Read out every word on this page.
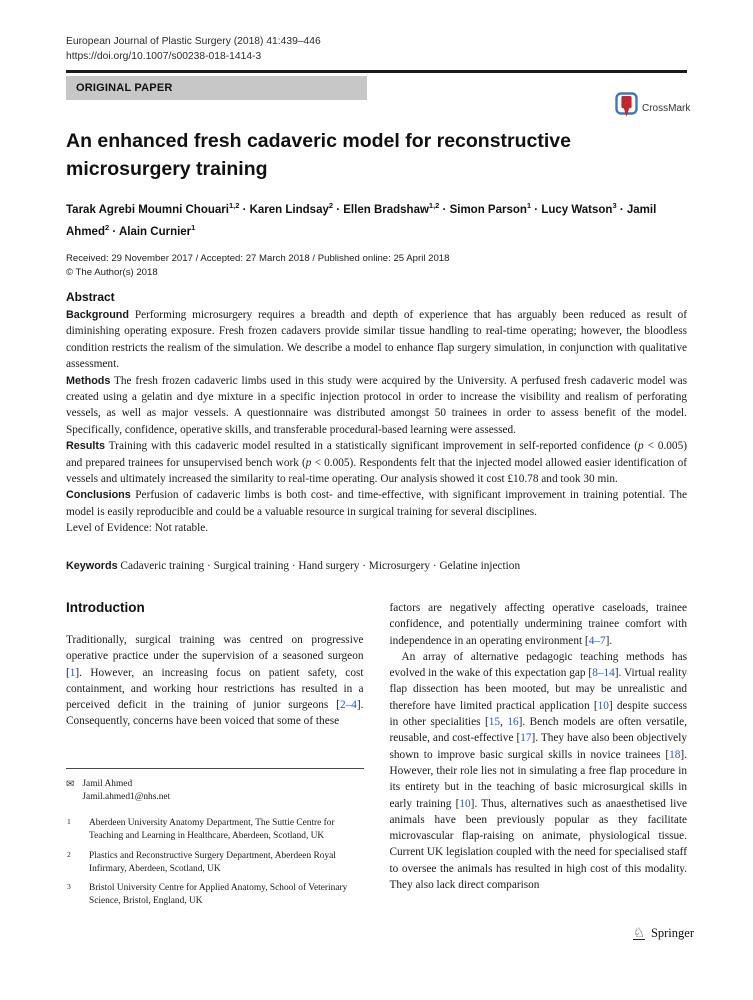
European Journal of Plastic Surgery (2018) 41:439–446
https://doi.org/10.1007/s00238-018-1414-3
ORIGINAL PAPER
CrossMark
An enhanced fresh cadaveric model for reconstructive microsurgery training
Tarak Agrebi Moumni Chouari$^{1,2}$ · Karen Lindsay$^2$ · Ellen Bradshaw$^{1,2}$ · Simon Parson$^1$ · Lucy Watson$^3$ · Jamil Ahmed$^2$ · Alain Curnier$^1$
Received: 29 November 2017 / Accepted: 27 March 2018 / Published online: 25 April 2018
© The Author(s) 2018
Abstract

Background Performing microsurgery requires a breadth and depth of experience that has arguably been reduced as result of diminishing operating exposure. Fresh frozen cadavers provide similar tissue handling to real-time operating; however, the bloodless condition restricts the realism of the simulation. We describe a model to enhance flap surgery simulation, in conjunction with qualitative assessment.

Methods The fresh frozen cadaveric limbs used in this study were acquired by the University. A perfused fresh cadaveric model was created using a gelatin and dye mixture in a specific injection protocol in order to increase the visibility and realism of perforating vessels, as well as major vessels. A questionnaire was distributed amongst 50 trainees in order to assess benefit of the model. Specifically, confidence, operative skills, and transferable procedural-based learning were assessed.

Results Training with this cadaveric model resulted in a statistically significant improvement in self-reported confidence (p < 0.005) and prepared trainees for unsupervised bench work (p < 0.005). Respondents felt that the injected model allowed easier identification of vessels and ultimately increased the similarity to real-time operating. Our analysis showed it cost £10.78 and took 30 min.

Conclusions Perfusion of cadaveric limbs is both cost- and time-effective, with significant improvement in training potential. The model is easily reproducible and could be a valuable resource in surgical training for several disciplines.

Level of Evidence: Not ratable.
Keywords Cadaveric training · Surgical training · Hand surgery · Microsurgery · Gelatine injection
Introduction

Traditionally, surgical training was centred on progressive operative practice under the supervision of a seasoned surgeon [1]. However, an increasing focus on patient safety, cost containment, and working hour restrictions has resulted in a perceived deficit in the training of junior surgeons [2–4]. Consequently, concerns have been voiced that some of these

✉ Jamil Ahmed
Jamil.ahmed1@nhs.net
1 Aberdeen University Anatomy Department, The Suttie Centre for Teaching and Learning in Healthcare, Aberdeen, Scotland, UK
2 Plastics and Reconstructive Surgery Department, Aberdeen Royal Infirmary, Aberdeen, Scotland, UK
3 Bristol University Centre for Applied Anatomy, School of Veterinary Science, Bristol, England, UK

factors are negatively affecting operative caseloads, trainee confidence, and potentially undermining trainee comfort with independence in an operating environment [4–7].

An array of alternative pedagogic teaching methods has evolved in the wake of this expectation gap [8–14]. Virtual reality flap dissection has been mooted, but may be unrealistic and therefore have limited practical application [10] despite success in other specialities [15, 16]. Bench models are often versatile, reusable, and cost-effective [17]. They have also been objectively shown to improve basic surgical skills in novice trainees [18]. However, their role lies not in simulating a free flap procedure in its entirety but in the teaching of basic microsurgical skills in early training [10]. Thus, alternatives such as anaesthetised live animals have been previously popular as they facilitate microvascular flap-raising on animate, physiological tissue. Current UK legislation coupled with the need for specialised staff to oversee the animals has resulted in high cost of this modality. They also lack direct comparison

♘ Springer
